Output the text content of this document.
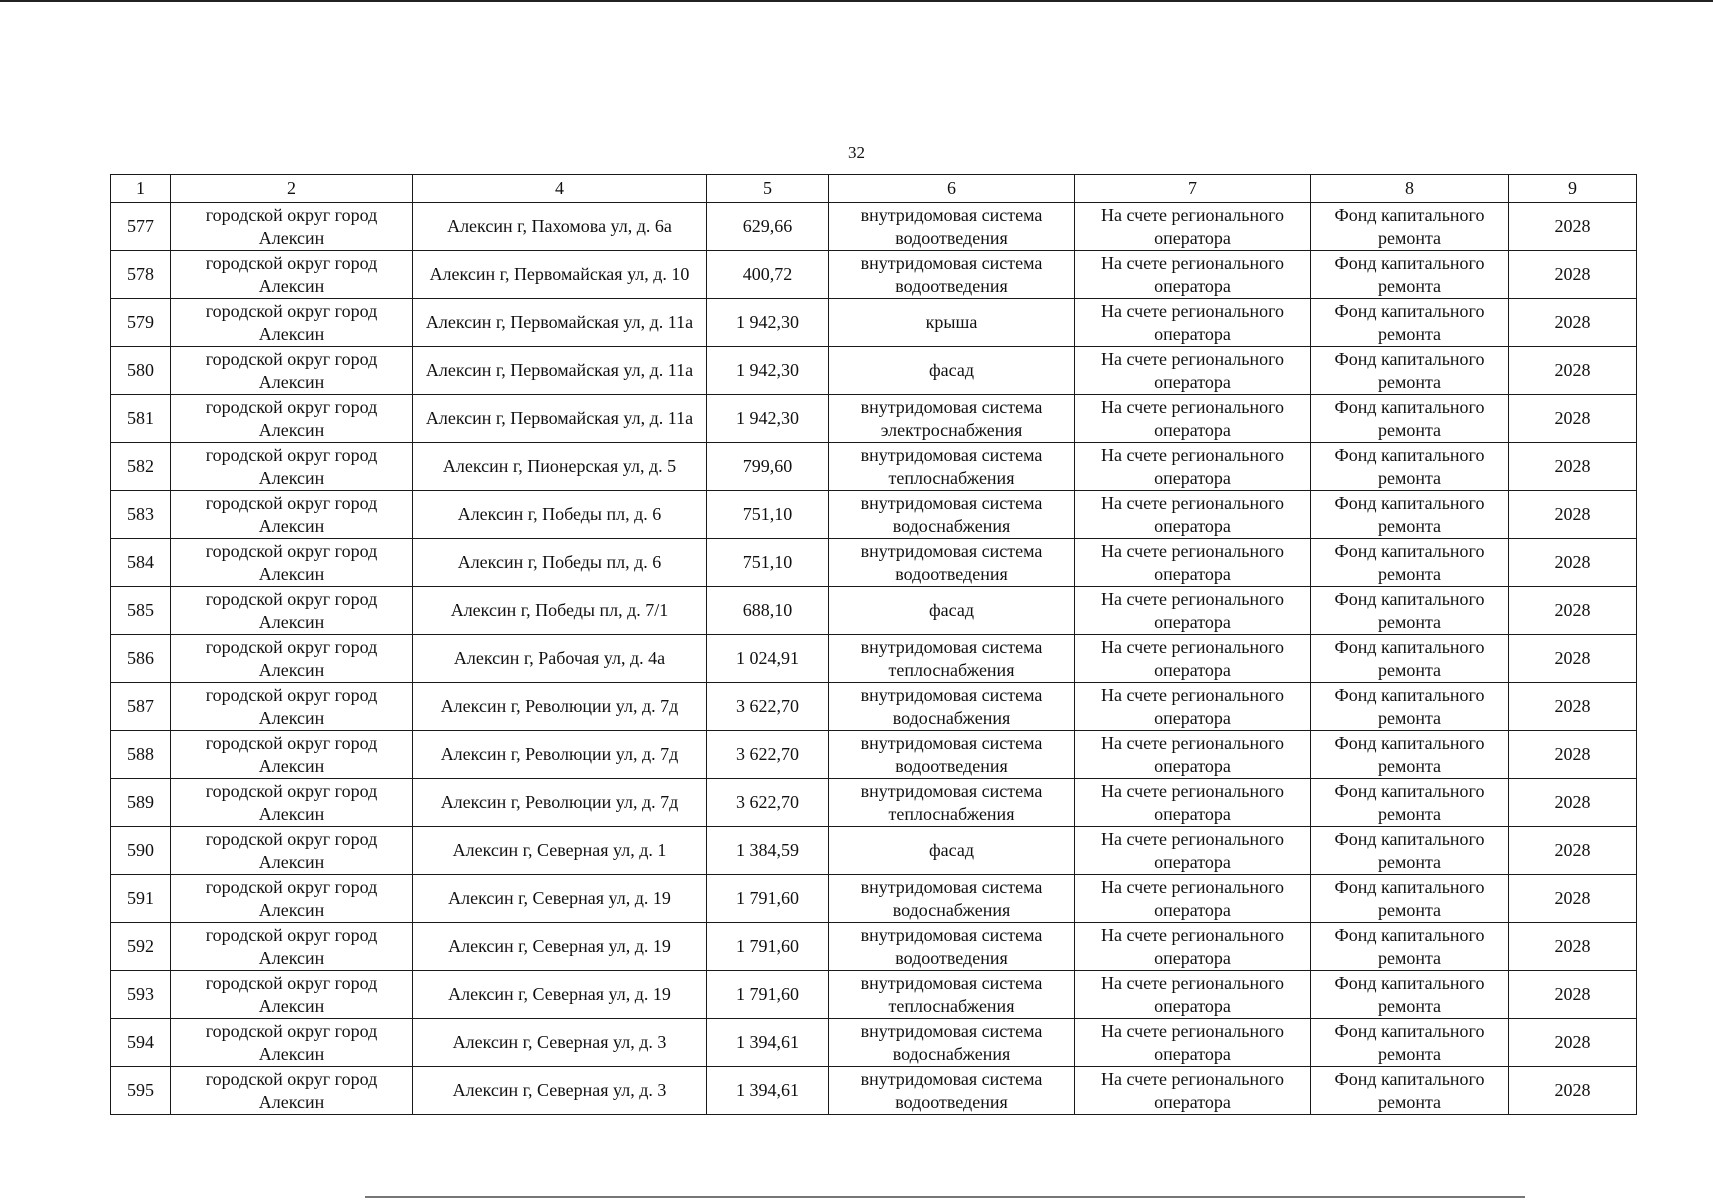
32
1	2	4	5	6	7	8	9
577	городской округ город Алексин	Алексин г, Пахомова ул, д. 6а	629,66	внутридомовая система водоотведения	На счете регионального оператора	Фонд капитального ремонта	2028
578	городской округ город Алексин	Алексин г, Первомайская ул, д. 10	400,72	внутридомовая система водоотведения	На счете регионального оператора	Фонд капитального ремонта	2028
579	городской округ город Алексин	Алексин г, Первомайская ул, д. 11а	1 942,30	крыша	На счете регионального оператора	Фонд капитального ремонта	2028
580	городской округ город Алексин	Алексин г, Первомайская ул, д. 11а	1 942,30	фасад	На счете регионального оператора	Фонд капитального ремонта	2028
581	городской округ город Алексин	Алексин г, Первомайская ул, д. 11а	1 942,30	внутридомовая система электроснабжения	На счете регионального оператора	Фонд капитального ремонта	2028
582	городской округ город Алексин	Алексин г, Пионерская ул, д. 5	799,60	внутридомовая система теплоснабжения	На счете регионального оператора	Фонд капитального ремонта	2028
583	городской округ город Алексин	Алексин г, Победы пл, д. 6	751,10	внутридомовая система водоснабжения	На счете регионального оператора	Фонд капитального ремонта	2028
584	городской округ город Алексин	Алексин г, Победы пл, д. 6	751,10	внутридомовая система водоотведения	На счете регионального оператора	Фонд капитального ремонта	2028
585	городской округ город Алексин	Алексин г, Победы пл, д. 7/1	688,10	фасад	На счете регионального оператора	Фонд капитального ремонта	2028
586	городской округ город Алексин	Алексин г, Рабочая ул, д. 4а	1 024,91	внутридомовая система теплоснабжения	На счете регионального оператора	Фонд капитального ремонта	2028
587	городской округ город Алексин	Алексин г, Революции ул, д. 7д	3 622,70	внутридомовая система водоснабжения	На счете регионального оператора	Фонд капитального ремонта	2028
588	городской округ город Алексин	Алексин г, Революции ул, д. 7д	3 622,70	внутридомовая система водоотведения	На счете регионального оператора	Фонд капитального ремонта	2028
589	городской округ город Алексин	Алексин г, Революции ул, д. 7д	3 622,70	внутридомовая система теплоснабжения	На счете регионального оператора	Фонд капитального ремонта	2028
590	городской округ город Алексин	Алексин г, Северная ул, д. 1	1 384,59	фасад	На счете регионального оператора	Фонд капитального ремонта	2028
591	городской округ город Алексин	Алексин г, Северная ул, д. 19	1 791,60	внутридомовая система водоснабжения	На счете регионального оператора	Фонд капитального ремонта	2028
592	городской округ город Алексин	Алексин г, Северная ул, д. 19	1 791,60	внутридомовая система водоотведения	На счете регионального оператора	Фонд капитального ремонта	2028
593	городской округ город Алексин	Алексин г, Северная ул, д. 19	1 791,60	внутридомовая система теплоснабжения	На счете регионального оператора	Фонд капитального ремонта	2028
594	городской округ город Алексин	Алексин г, Северная ул, д. 3	1 394,61	внутридомовая система водоснабжения	На счете регионального оператора	Фонд капитального ремонта	2028
595	городской округ город Алексин	Алексин г, Северная ул, д. 3	1 394,61	внутридомовая система водоотведения	На счете регионального оператора	Фонд капитального ремонта	2028
